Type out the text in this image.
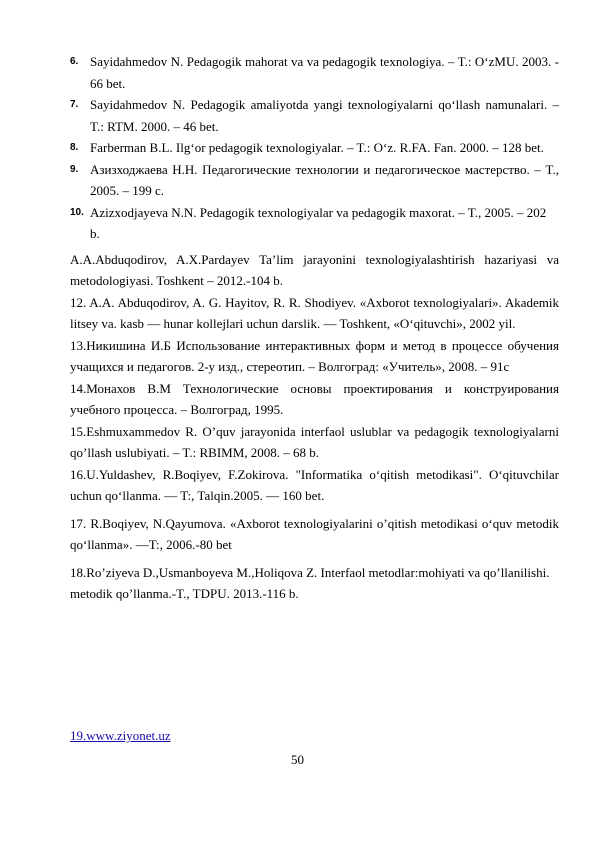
6. Sayidahmedov N. Pedagogik mahorat va va pedagogik texnologiya. – T.: O‘zMU. 2003. - 66 bet.
7. Sayidahmedov N. Pedagogik amaliyotda yangi texnologiyalarni qo‘llash namunalari. – T.: RTM. 2000. – 46 bet.
8. Farberman B.L. Ilg‘or pedagogik texnologiyalar. – T.: O‘z. R.FA. Fan. 2000. – 128 bet.
9. Азизходжаева Н.Н. Педагогические технологии и педагогическое мастерство. – T., 2005. – 199 с.
10. Azizxodjayeva N.N. Pedagogik texnologiyalar va pedagogik maxorat. – T., 2005. – 202 b.
A.A.Abduqodirov, A.X.Pardayev Ta’lim jarayonini texnologiyalashtirish hazariyasi va metodologiyasi. Toshkent – 2012.-104 b.
12. A.A. Abduqodirov, A. G. Hayitov, R. R. Shodiyev. «Axborot texnologiyalari». Akademik litsey va. kasb — hunar kollejlari uchun darslik. — Toshkent, «O‘qituvchi», 2002 yil.
13.Никишина И.Б Использование интерактивных форм и метод в процессе обучения учащихся и педагогов. 2-у изд., стереотип. – Волгоград: «Учитель», 2008. – 91с
14.Монахов В.М Технологические основы проектирования и конструирования учебного процесса. – Волгоград, 1995.
15.Eshmuxammedov R. O’quv jarayonida interfaol uslublar va pedagogik texnologiyalarni qo’llash uslubiyati. – T.: RBIMM, 2008. – 68 b.
16.U.Yuldashev, R.Boqiyev, F.Zokirova. "Informatika o‘qitish metodikasi". O‘qituvchilar uchun qo‘llanma. — T:, Talqin.2005. — 160 bet.
17. R.Boqiyev, N.Qayumova. «Axborot texnologiyalarini o’qitish metodikasi o‘quv metodik qo‘llanma». —T:, 2006.-80 bet
18.Ro’ziyeva D.,Usmanboyeva M.,Holiqova Z. Interfaol metodlar:mohiyati va qo’llanilishi. metodik qo’llanma.-T., TDPU. 2013.-116 b.
19.www.ziyonet.uz
50
